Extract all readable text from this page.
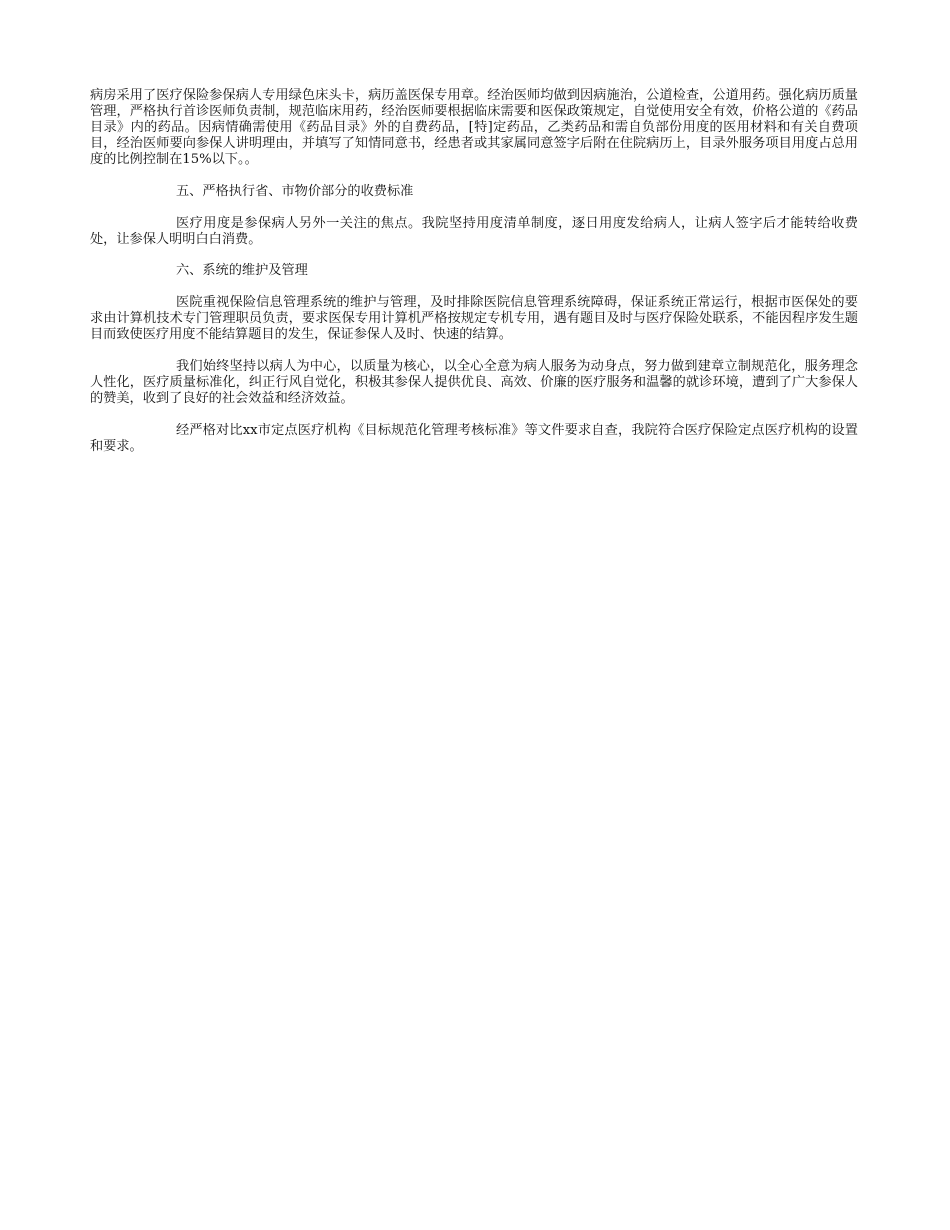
病房采用了医疗保险参保病人专用绿色床头卡，病历盖医保专用章。经治医师均做到因病施治，公道检查，公道用药。强化病历质量管理，严格执行首诊医师负责制，规范临床用药，经治医师要根据临床需要和医保政策规定，自觉使用安全有效，价格公道的《药品目录》内的药品。因病情确需使用《药品目录》外的自费药品，[特]定药品，乙类药品和需自负部份用度的医用材料和有关自费项目，经治医师要向参保人讲明理由，并填写了知情同意书，经患者或其家属同意签字后附在住院病历上，目录外服务项目用度占总用度的比例控制在15%以下。。

五、严格执行省、市物价部分的收费标准

医疗用度是参保病人另外一关注的焦点。我院坚持用度清单制度，逐日用度发给病人，让病人签字后才能转给收费处，让参保人明明白白消费。

六、系统的维护及管理

医院重视保险信息管理系统的维护与管理，及时排除医院信息管理系统障碍，保证系统正常运行，根据市医保处的要求由计算机技术专门管理职员负责，要求医保专用计算机严格按规定专机专用，遇有题目及时与医疗保险处联系，不能因程序发生题目而致使医疗用度不能结算题目的发生，保证参保人及时、快速的结算。

我们始终坚持以病人为中心，以质量为核心，以全心全意为病人服务为动身点，努力做到建章立制规范化，服务理念人性化，医疗质量标准化，纠正行风自觉化，积极其参保人提供优良、高效、价廉的医疗服务和温馨的就诊环境，遭到了广大参保人的赞美，收到了良好的社会效益和经济效益。

经严格对比xx市定点医疗机构《目标规范化管理考核标准》等文件要求自查，我院符合医疗保险定点医疗机构的设置和要求。
